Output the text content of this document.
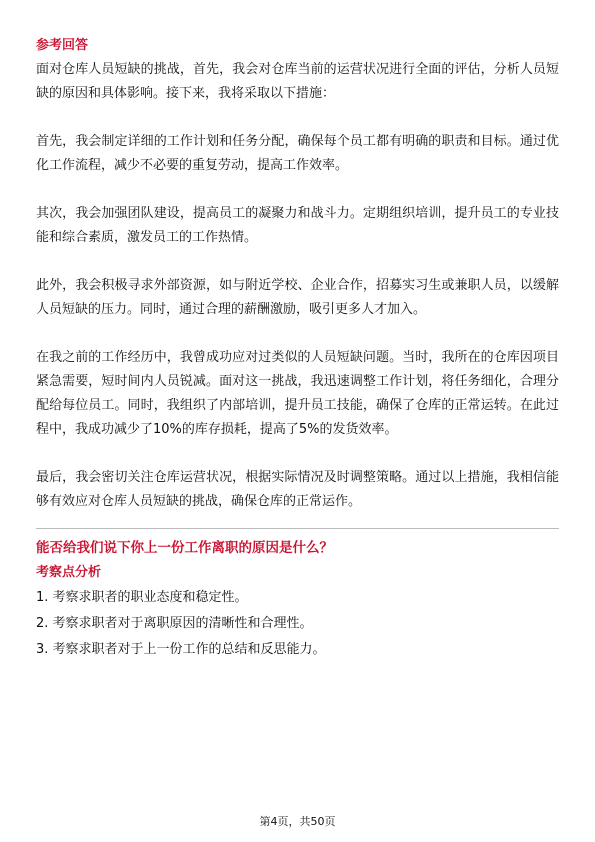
参考回答

面对仓库人员短缺的挑战，首先，我会对仓库当前的运营状况进行全面的评估，分析人员短缺的原因和具体影响。接下来，我将采取以下措施：

首先，我会制定详细的工作计划和任务分配，确保每个员工都有明确的职责和目标。通过优化工作流程，减少不必要的重复劳动，提高工作效率。

其次，我会加强团队建设，提高员工的凝聚力和战斗力。定期组织培训，提升员工的专业技能和综合素质，激发员工的工作热情。

此外，我会积极寻求外部资源，如与附近学校、企业合作，招募实习生或兼职人员，以缓解人员短缺的压力。同时，通过合理的薪酬激励，吸引更多人才加入。

在我之前的工作经历中，我曾成功应对过类似的人员短缺问题。当时，我所在的仓库因项目紧急需要，短时间内人员锐减。面对这一挑战，我迅速调整工作计划，将任务细化，合理分配给每位员工。同时，我组织了内部培训，提升员工技能，确保了仓库的正常运转。在此过程中，我成功减少了10%的库存损耗，提高了5%的发货效率。

最后，我会密切关注仓库运营状况，根据实际情况及时调整策略。通过以上措施，我相信能够有效应对仓库人员短缺的挑战，确保仓库的正常运作。

能否给我们说下你上一份工作离职的原因是什么？
考察点分析

1. 考察求职者的职业态度和稳定性。

2. 考察求职者对于离职原因的清晰性和合理性。

3. 考察求职者对于上一份工作的总结和反思能力。

第4页，共50页
